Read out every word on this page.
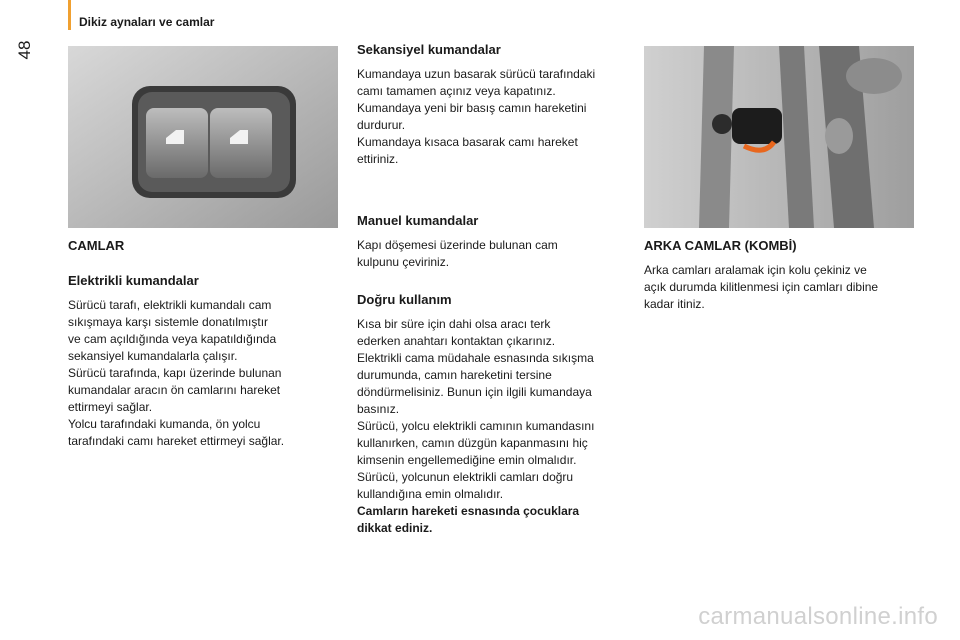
Dikiz aynaları ve camlar
48
CAMLAR
Elektrikli kumandalar

Sürücü tarafı, elektrikli kumandalı cam
sıkışmaya karşı sistemle donatılmıştır
ve cam açıldığında veya kapatıldığında
sekansiyel kumandalarla çalışır.
Sürücü tarafında, kapı üzerinde bulunan
kumandalar aracın ön camlarını hareket
ettirmeyi sağlar.
Yolcu tarafındaki kumanda, ön yolcu
tarafındaki camı hareket ettirmeyi sağlar.

Sekansiyel kumandalar

Kumandaya uzun basarak sürücü tarafındaki
camı tamamen açınız veya kapatınız.
Kumandaya yeni bir basış camın hareketini
durdurur.
Kumandaya kısaca basarak camı hareket
ettiriniz.

Manuel kumandalar

Kapı döşemesi üzerinde bulunan cam
kulpunu çeviriniz.

Doğru kullanım

Kısa bir süre için dahi olsa aracı terk
ederken anahtarı kontaktan çıkarınız.
Elektrikli cama müdahale esnasında sıkışma
durumunda, camın hareketini tersine
döndürmelisiniz. Bunun için ilgili kumandaya
basınız.
Sürücü, yolcu elektrikli camının kumandasını
kullanırken, camın düzgün kapanmasını hiç
kimsenin engellemediğine emin olmalıdır.
Sürücü, yolcunun elektrikli camları doğru
kullandığına emin olmalıdır.

Camların hareketi esnasında çocuklara
dikkat ediniz.

ARKA CAMLAR (KOMBİ)

Arka camları aralamak için kolu çekiniz ve
açık durumda kilitlenmesi için camları dibine
kadar itiniz.

carmanualsonline.info
